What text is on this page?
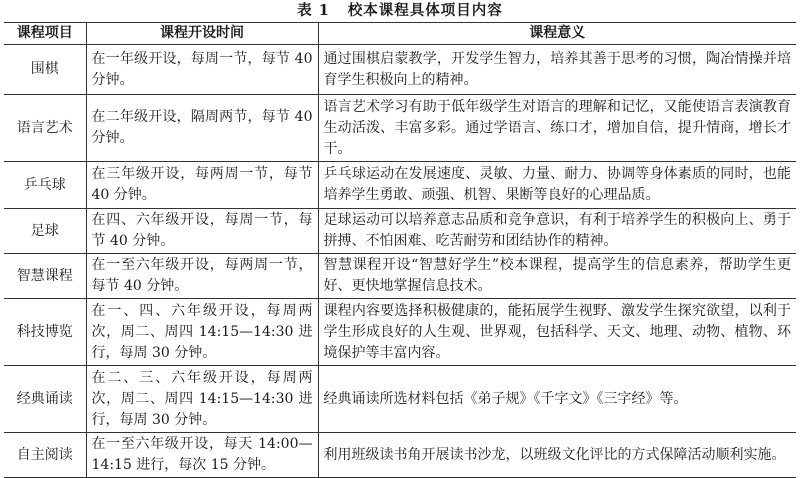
表 1 校本课程具体项目内容
课程项目	课程开设时间	课程意义
围棋	在一年级开设，每周一节，每节 40 分钟。	通过围棋启蒙教学，开发学生智力，培养其善于思考的习惯，陶冶情操并培育学生积极向上的精神。
语言艺术	在二年级开设，隔周两节，每节 40 分钟。	语言艺术学习有助于低年级学生对语言的理解和记忆，又能使语言表演教育生动活泼、丰富多彩。通过学语言、练口才，增加自信，提升情商，增长才干。
乒乓球	在三年级开设，每两周一节，每节 40 分钟。	乒乓球运动在发展速度、灵敏、力量、耐力、协调等身体素质的同时，也能培养学生勇敢、顽强、机智、果断等良好的心理品质。
足球	在四、六年级开设，每周一节，每节 40 分钟。	足球运动可以培养意志品质和竞争意识，有利于培养学生的积极向上、勇于拼搏、不怕困难、吃苦耐劳和团结协作的精神。
智慧课程	在一至六年级开设，每两周一节，每节 40 分钟。	智慧课程开设“智慧好学生”校本课程，提高学生的信息素养，帮助学生更好、更快地掌握信息技术。
科技博览	在一、四、六年级开设，每周两次，周二、周四 14:15—14:30 进行，每周 30 分钟。	课程内容要选择积极健康的，能拓展学生视野、激发学生探究欲望，以利于学生形成良好的人生观、世界观，包括科学、天文、地理、动物、植物、环境保护等丰富内容。
经典诵读	在二、三、六年级开设，每周两次，周二、周四 14:15—14:30 进行，每周 30 分钟。	经典诵读所选材料包括《弟子规》《千字文》《三字经》等。
自主阅读	在一至六年级开设，每天 14:00—14:15 进行，每次 15 分钟。	利用班级读书角开展读书沙龙，以班级文化评比的方式保障活动顺利实施。
